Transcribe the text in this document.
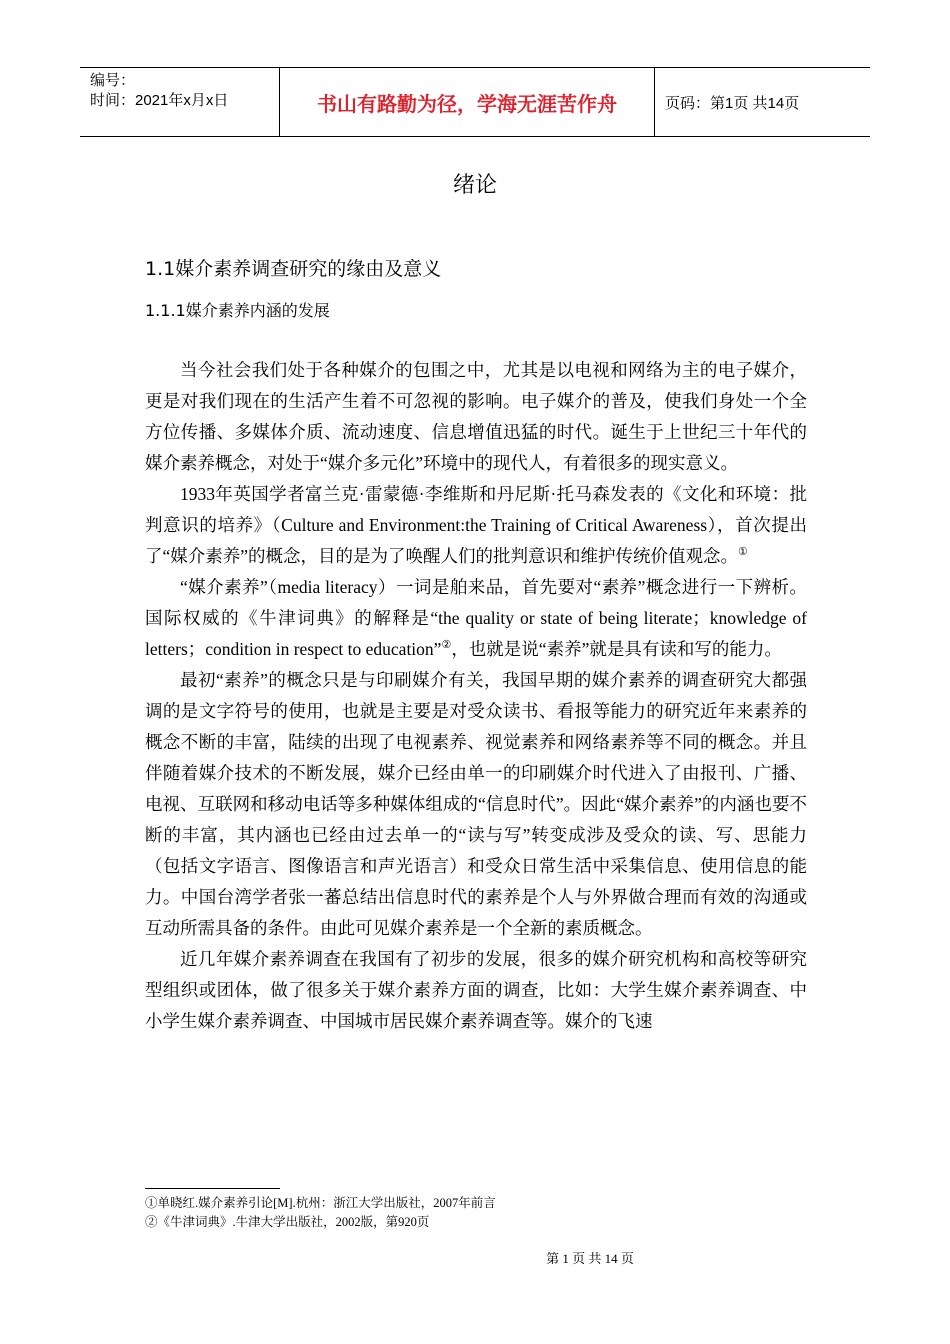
编号：
时间：2021年x月x日	书山有路勤为径，学海无涯苦作舟	页码：第1页 共14页
绪论
1.1媒介素养调查研究的缘由及意义
1.1.1媒介素养内涵的发展

当今社会我们处于各种媒介的包围之中，尤其是以电视和网络为主的电子媒介，更是对我们现在的生活产生着不可忽视的影响。电子媒介的普及，使我们身处一个全方位传播、多媒体介质、流动速度、信息增值迅猛的时代。诞生于上世纪三十年代的媒介素养概念，对处于“媒介多元化”环境中的现代人，有着很多的现实意义。

1933年英国学者富兰克·雷蒙德·李维斯和丹尼斯·托马森发表的《文化和环境：批判意识的培养》（Culture and Environment:the Training of Critical Awareness），首次提出了“媒介素养”的概念，目的是为了唤醒人们的批判意识和维护传统价值观念。①

“媒介素养”（media literacy）一词是舶来品，首先要对“素养”概念进行一下辨析。国际权威的《牛津词典》的解释是“the quality or state of being literate；knowledge of letters；condition in respect to education”②，也就是说“素养”就是具有读和写的能力。

最初“素养”的概念只是与印刷媒介有关，我国早期的媒介素养的调查研究大都强调的是文字符号的使用，也就是主要是对受众读书、看报等能力的研究近年来素养的概念不断的丰富，陆续的出现了电视素养、视觉素养和网络素养等不同的概念。并且伴随着媒介技术的不断发展，媒介已经由单一的印刷媒介时代进入了由报刊、广播、电视、互联网和移动电话等多种媒体组成的“信息时代”。因此“媒介素养”的内涵也要不断的丰富，其内涵也已经由过去单一的“读与写”转变成涉及受众的读、写、思能力（包括文字语言、图像语言和声光语言）和受众日常生活中采集信息、使用信息的能力。中国台湾学者张一蕃总结出信息时代的素养是个人与外界做合理而有效的沟通或互动所需具备的条件。由此可见媒介素养是一个全新的素质概念。

近几年媒介素养调查在我国有了初步的发展，很多的媒介研究机构和高校等研究型组织或团体，做了很多关于媒介素养方面的调查，比如：大学生媒介素养调查、中小学生媒介素养调查、中国城市居民媒介素养调查等。媒介的飞速

①单晓红.媒介素养引论[M].杭州：浙江大学出版社，2007年前言
②《牛津词典》.牛津大学出版社，2002版，第920页
第 1 页 共 14 页
